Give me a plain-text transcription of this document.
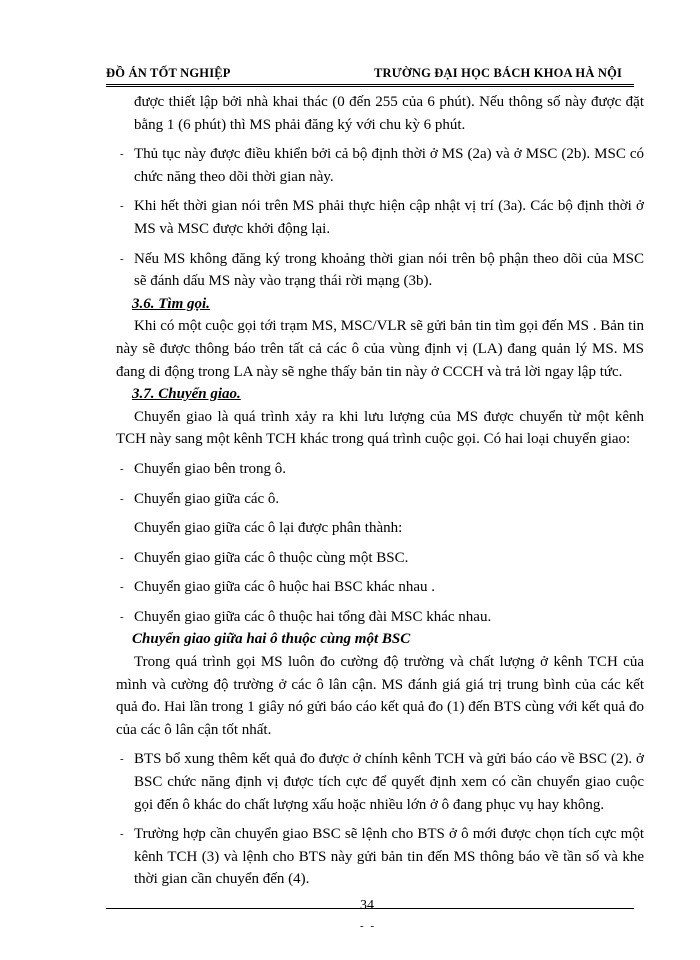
ĐỒ ÁN TỐT NGHIỆP	TRƯỜNG ĐẠI HỌC BÁCH KHOA HÀ NỘI

được thiết lập bởi nhà khai thác (0 đến 255 của 6 phút). Nếu thông số này được đặt bằng 1 (6 phút) thì MS phải đăng ký với chu kỳ 6 phút.

- Thủ tục này được điều khiển bởi cả bộ định thời ở MS (2a) và ở MSC (2b). MSC có chức năng theo dõi thời gian này.

- Khi hết thời gian nói trên MS phải thực hiện cập nhật vị trí (3a). Các bộ định thời ở MS và MSC được khởi động lại.

- Nếu MS không đăng ký trong khoảng thời gian nói trên bộ phận theo dõi của MSC sẽ đánh dấu MS này vào trạng thái rời mạng (3b).

3.6. Tìm gọi.

Khi có một cuộc gọi tới trạm MS, MSC/VLR sẽ gửi bản tin tìm gọi đến MS . Bản tin này sẽ được thông báo trên tất cả các ô của vùng định vị (LA) đang quản lý MS. MS đang di động trong LA này sẽ nghe thấy bản tin này ở CCCH và trả lời ngay lập tức.

3.7. Chuyển giao.

Chuyển giao là quá trình xảy ra khi lưu lượng của MS được chuyển từ một kênh TCH này sang một kênh TCH khác trong quá trình cuộc gọi. Có hai loại chuyển giao:

- Chuyển giao bên trong ô.

- Chuyển giao giữa các ô.

Chuyển giao giữa các ô lại được phân thành:

- Chuyển giao giữa các ô thuộc cùng một BSC.

- Chuyển giao giữa các ô huộc hai BSC khác nhau .

- Chuyển giao giữa các ô thuộc hai tổng đài MSC khác nhau.

Chuyển giao giữa hai ô thuộc cùng một BSC

Trong quá trình gọi MS luôn đo cường độ trường và chất lượng ở kênh TCH của mình và cường độ trường ở các ô lân cận. MS đánh giá giá trị trung bình của các kết quả đo. Hai lần trong 1 giây nó gửi báo cáo kết quả đo (1) đến BTS cùng với kết quả đo của các ô lân cận tốt nhất.

- BTS bổ xung thêm kết quả đo được ở chính kênh TCH và gửi báo cáo về BSC (2). ở BSC chức năng định vị được tích cực để quyết định xem có cần chuyển giao cuộc gọi đến ô khác do chất lượng xấu hoặc nhiều lớn ở ô đang phục vụ hay không.

- Trường hợp cần chuyển giao BSC sẽ lệnh cho BTS ở ô mới được chọn tích cực một kênh TCH (3) và lệnh cho BTS này gửi bản tin đến MS thông báo về tần số và khe thời gian cần chuyển đến (4).

34
- -
